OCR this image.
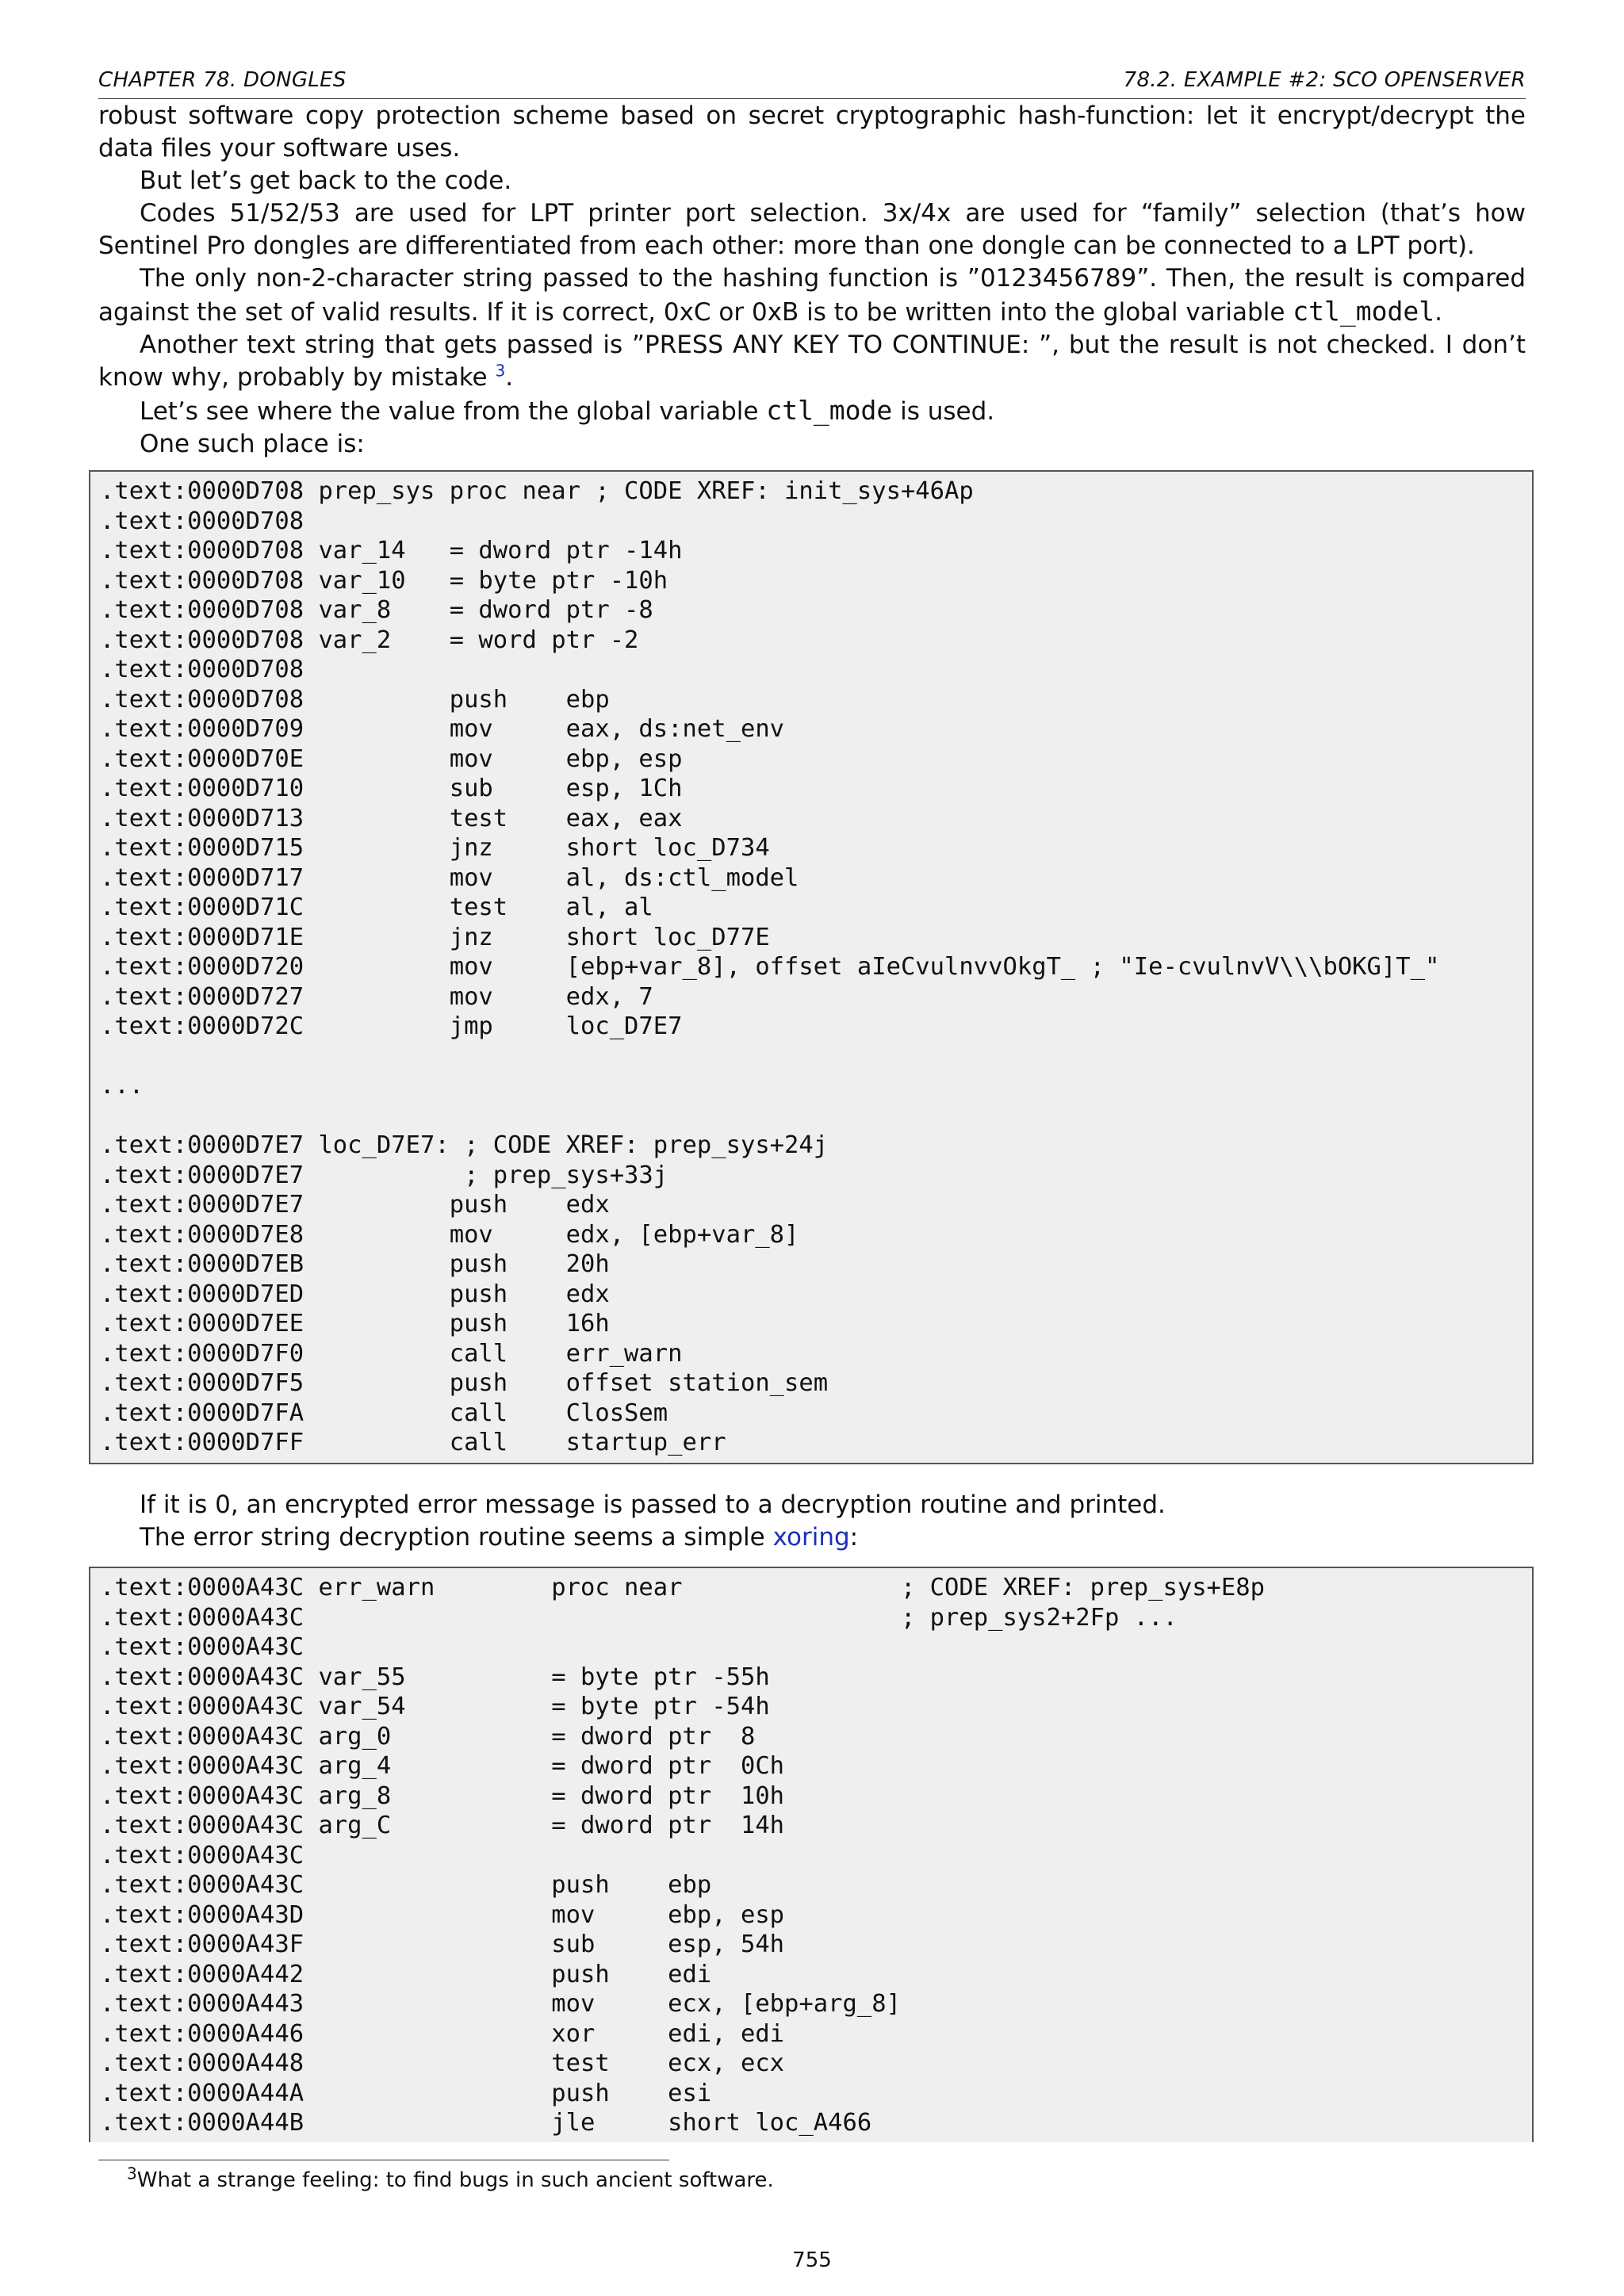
CHAPTER 78. DONGLES	78.2. EXAMPLE #2: SCO OPENSERVER

robust software copy protection scheme based on secret cryptographic hash-function: let it encrypt/decrypt the data files your software uses.

But let’s get back to the code.

Codes 51/52/53 are used for LPT printer port selection. 3x/4x are used for “family” selection (that’s how Sentinel Pro dongles are differentiated from each other: more than one dongle can be connected to a LPT port).

The only non-2-character string passed to the hashing function is ”0123456789”. Then, the result is compared against the set of valid results. If it is correct, 0xC or 0xB is to be written into the global variable ctl_model.

Another text string that gets passed is ”PRESS ANY KEY TO CONTINUE: ”, but the result is not checked. I don’t know why, probably by mistake $^3$.

Let’s see where the value from the global variable ctl_mode is used.

One such place is:

.text:0000D708 prep_sys proc near ; CODE XREF: init_sys+46Ap
.text:0000D708
.text:0000D708 var_14   = dword ptr -14h
.text:0000D708 var_10   = byte ptr -10h
.text:0000D708 var_8    = dword ptr -8
.text:0000D708 var_2    = word ptr -2
.text:0000D708
.text:0000D708          push    ebp
.text:0000D709          mov     eax, ds:net_env
.text:0000D70E          mov     ebp, esp
.text:0000D710          sub     esp, 1Ch
.text:0000D713          test    eax, eax
.text:0000D715          jnz     short loc_D734
.text:0000D717          mov     al, ds:ctl_model
.text:0000D71C          test    al, al
.text:0000D71E          jnz     short loc_D77E
.text:0000D720          mov     [ebp+var_8], offset aIeCvulnvvOkgT_ ; "Ie-cvulnvV\\\bOKG]T_"
.text:0000D727          mov     edx, 7
.text:0000D72C          jmp     loc_D7E7

...

.text:0000D7E7 loc_D7E7: ; CODE XREF: prep_sys+24j
.text:0000D7E7           ; prep_sys+33j
.text:0000D7E7          push    edx
.text:0000D7E8          mov     edx, [ebp+var_8]
.text:0000D7EB          push    20h
.text:0000D7ED          push    edx
.text:0000D7EE          push    16h
.text:0000D7F0          call    err_warn
.text:0000D7F5          push    offset station_sem
.text:0000D7FA          call    ClosSem
.text:0000D7FF          call    startup_err

If it is 0, an encrypted error message is passed to a decryption routine and printed.

The error string decryption routine seems a simple xoring:

.text:0000A43C err_warn        proc near               ; CODE XREF: prep_sys+E8p
.text:0000A43C                                         ; prep_sys2+2Fp ...
.text:0000A43C
.text:0000A43C var_55          = byte ptr -55h
.text:0000A43C var_54          = byte ptr -54h
.text:0000A43C arg_0           = dword ptr  8
.text:0000A43C arg_4           = dword ptr  0Ch
.text:0000A43C arg_8           = dword ptr  10h
.text:0000A43C arg_C           = dword ptr  14h
.text:0000A43C
.text:0000A43C                 push    ebp
.text:0000A43D                 mov     ebp, esp
.text:0000A43F                 sub     esp, 54h
.text:0000A442                 push    edi
.text:0000A443                 mov     ecx, [ebp+arg_8]
.text:0000A446                 xor     edi, edi
.text:0000A448                 test    ecx, ecx
.text:0000A44A                 push    esi
.text:0000A44B                 jle     short loc_A466
$^3$What a strange feeling: to find bugs in such ancient software.
755
